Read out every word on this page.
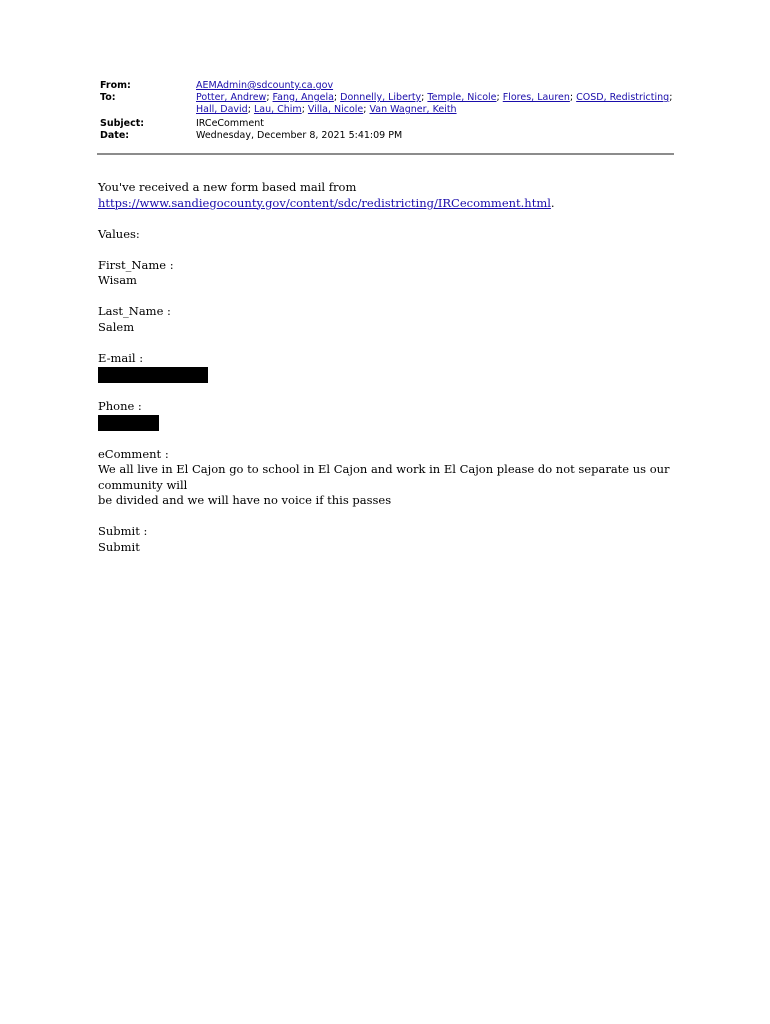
From:	AEMAdmin@sdcounty.ca.gov
To:	Potter, Andrew; Fang, Angela; Donnelly, Liberty; Temple, Nicole; Flores, Lauren; COSD, Redistricting; Hall, David; Lau, Chim; Villa, Nicole; Van Wagner, Keith
Subject:	IRCeComment
Date:	Wednesday, December 8, 2021 5:41:09 PM

You've received a new form based mail from

https://www.sandiegocounty.gov/content/sdc/redistricting/IRCecomment.html.

Values:

First_Name :

Wisam

Last_Name :

Salem

E-mail :

Phone :

eComment :

We all live in El Cajon go to school in El Cajon and work in El Cajon please do not separate us our community will

be divided and we will have no voice if this passes

Submit :

Submit
